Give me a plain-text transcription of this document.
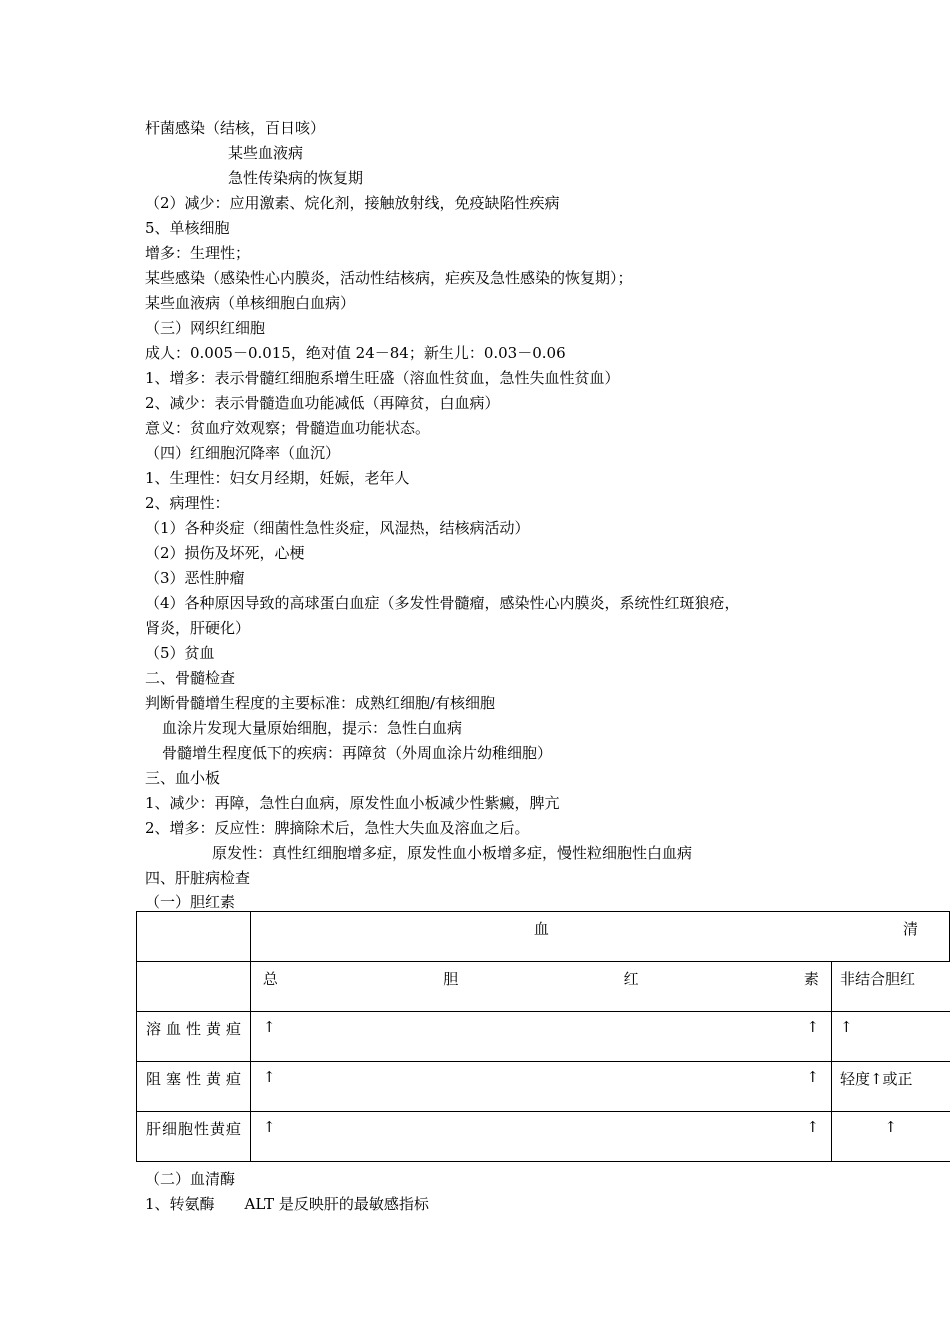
杆菌感染（结核，百日咳）
某些血液病
急性传染病的恢复期
（2）减少：应用激素、烷化剂，接触放射线，免疫缺陷性疾病
5、单核细胞
增多：生理性；
某些感染（感染性心内膜炎，活动性结核病，疟疾及急性感染的恢复期）；
某些血液病（单核细胞白血病）
（三）网织红细胞
成人：0.005－0.015，绝对值 24－84；新生儿：0.03－0.06
1、增多：表示骨髓红细胞系增生旺盛（溶血性贫血，急性失血性贫血）
2、减少：表示骨髓造血功能减低（再障贫，白血病）
意义：贫血疗效观察；骨髓造血功能状态。
（四）红细胞沉降率（血沉）
1、生理性：妇女月经期，妊娠，老年人
2、病理性：
（1）各种炎症（细菌性急性炎症，风湿热，结核病活动）
（2）损伤及坏死，心梗
（3）恶性肿瘤
（4）各种原因导致的高球蛋白血症（多发性骨髓瘤，感染性心内膜炎，系统性红斑狼疮，
肾炎，肝硬化）
（5）贫血
二、骨髓检查
判断骨髓增生程度的主要标准：成熟红细胞/有核细胞
血涂片发现大量原始细胞，提示：急性白血病
骨髓增生程度低下的疾病：再障贫（外周血涂片幼稚细胞）
三、血小板
1、减少：再障，急性白血病，原发性血小板减少性紫癜，脾亢
2、增多：反应性：脾摘除术后，急性大失血及溶血之后。
原发性：真性红细胞增多症，原发性血小板增多症，慢性粒细胞性白血病
四、肝脏病检查
（一）胆红素

	血 清	

	总 胆 红 素	非结合胆红

溶血性黄疸	↑ ↑	↑

阻塞性黄疸	↑ ↑	轻度↑或正

肝细胞性黄疸	↑ ↑	↑
（二）血清酶
1、转氨酶　　ALT 是反映肝的最敏感指标
